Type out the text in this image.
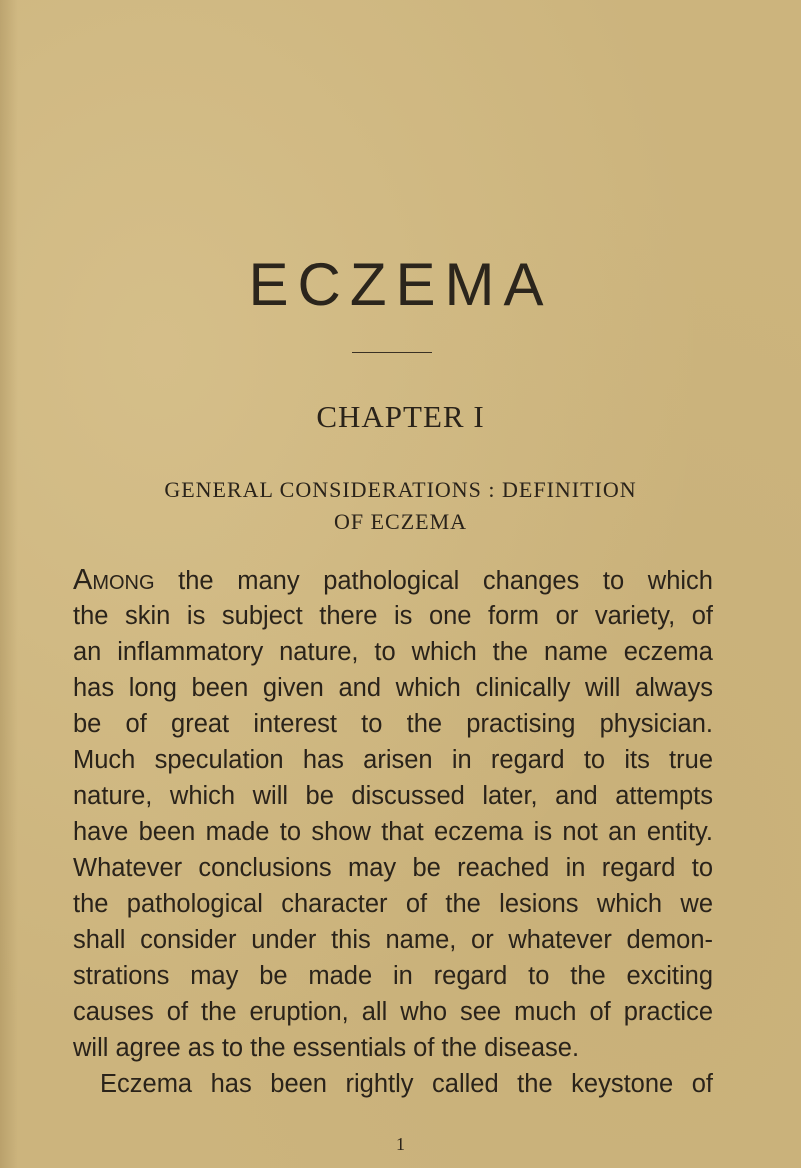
ECZEMA
CHAPTER I
GENERAL CONSIDERATIONS : DEFINITION
OF ECZEMA
Among the many pathological changes to which
the skin is subject there is one form or variety, of
an inflammatory nature, to which the name eczema
has long been given and which clinically will always
be of great interest to the practising physician.
Much speculation has arisen in regard to its true
nature, which will be discussed later, and attempts
have been made to show that eczema is not an entity.
Whatever conclusions may be reached in regard to
the pathological character of the lesions which we
shall consider under this name, or whatever demon-
strations may be made in regard to the exciting
causes of the eruption, all who see much of practice
will agree as to the essentials of the disease.
Eczema has been rightly called the keystone of
1
